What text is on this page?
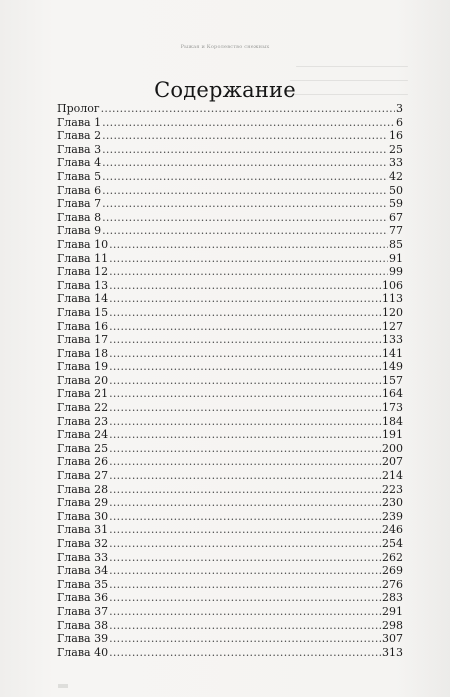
Рыжая и Королевство снежных
Содержание
Пролог .....	3
Глава 1 .....	6
Глава 2 .....	16
Глава 3 .....	25
Глава 4 .....	33
Глава 5 .....	42
Глава 6 .....	50
Глава 7 .....	59
Глава 8 .....	67
Глава 9 .....	77
Глава 10 .....	85
Глава 11 .....	91
Глава 12 .....	99
Глава 13 .....	106
Глава 14 .....	113
Глава 15 .....	120
Глава 16 .....	127
Глава 17 .....	133
Глава 18 .....	141
Глава 19 .....	149
Глава 20 .....	157
Глава 21 .....	164
Глава 22 .....	173
Глава 23 .....	184
Глава 24 .....	191
Глава 25 .....	200
Глава 26 .....	207
Глава 27 .....	214
Глава 28 .....	223
Глава 29 .....	230
Глава 30 .....	239
Глава 31 .....	246
Глава 32 .....	254
Глава 33 .....	262
Глава 34 .....	269
Глава 35 .....	276
Глава 36 .....	283
Глава 37 .....	291
Глава 38 .....	298
Глава 39 .....	307
Глава 40 .....	313
